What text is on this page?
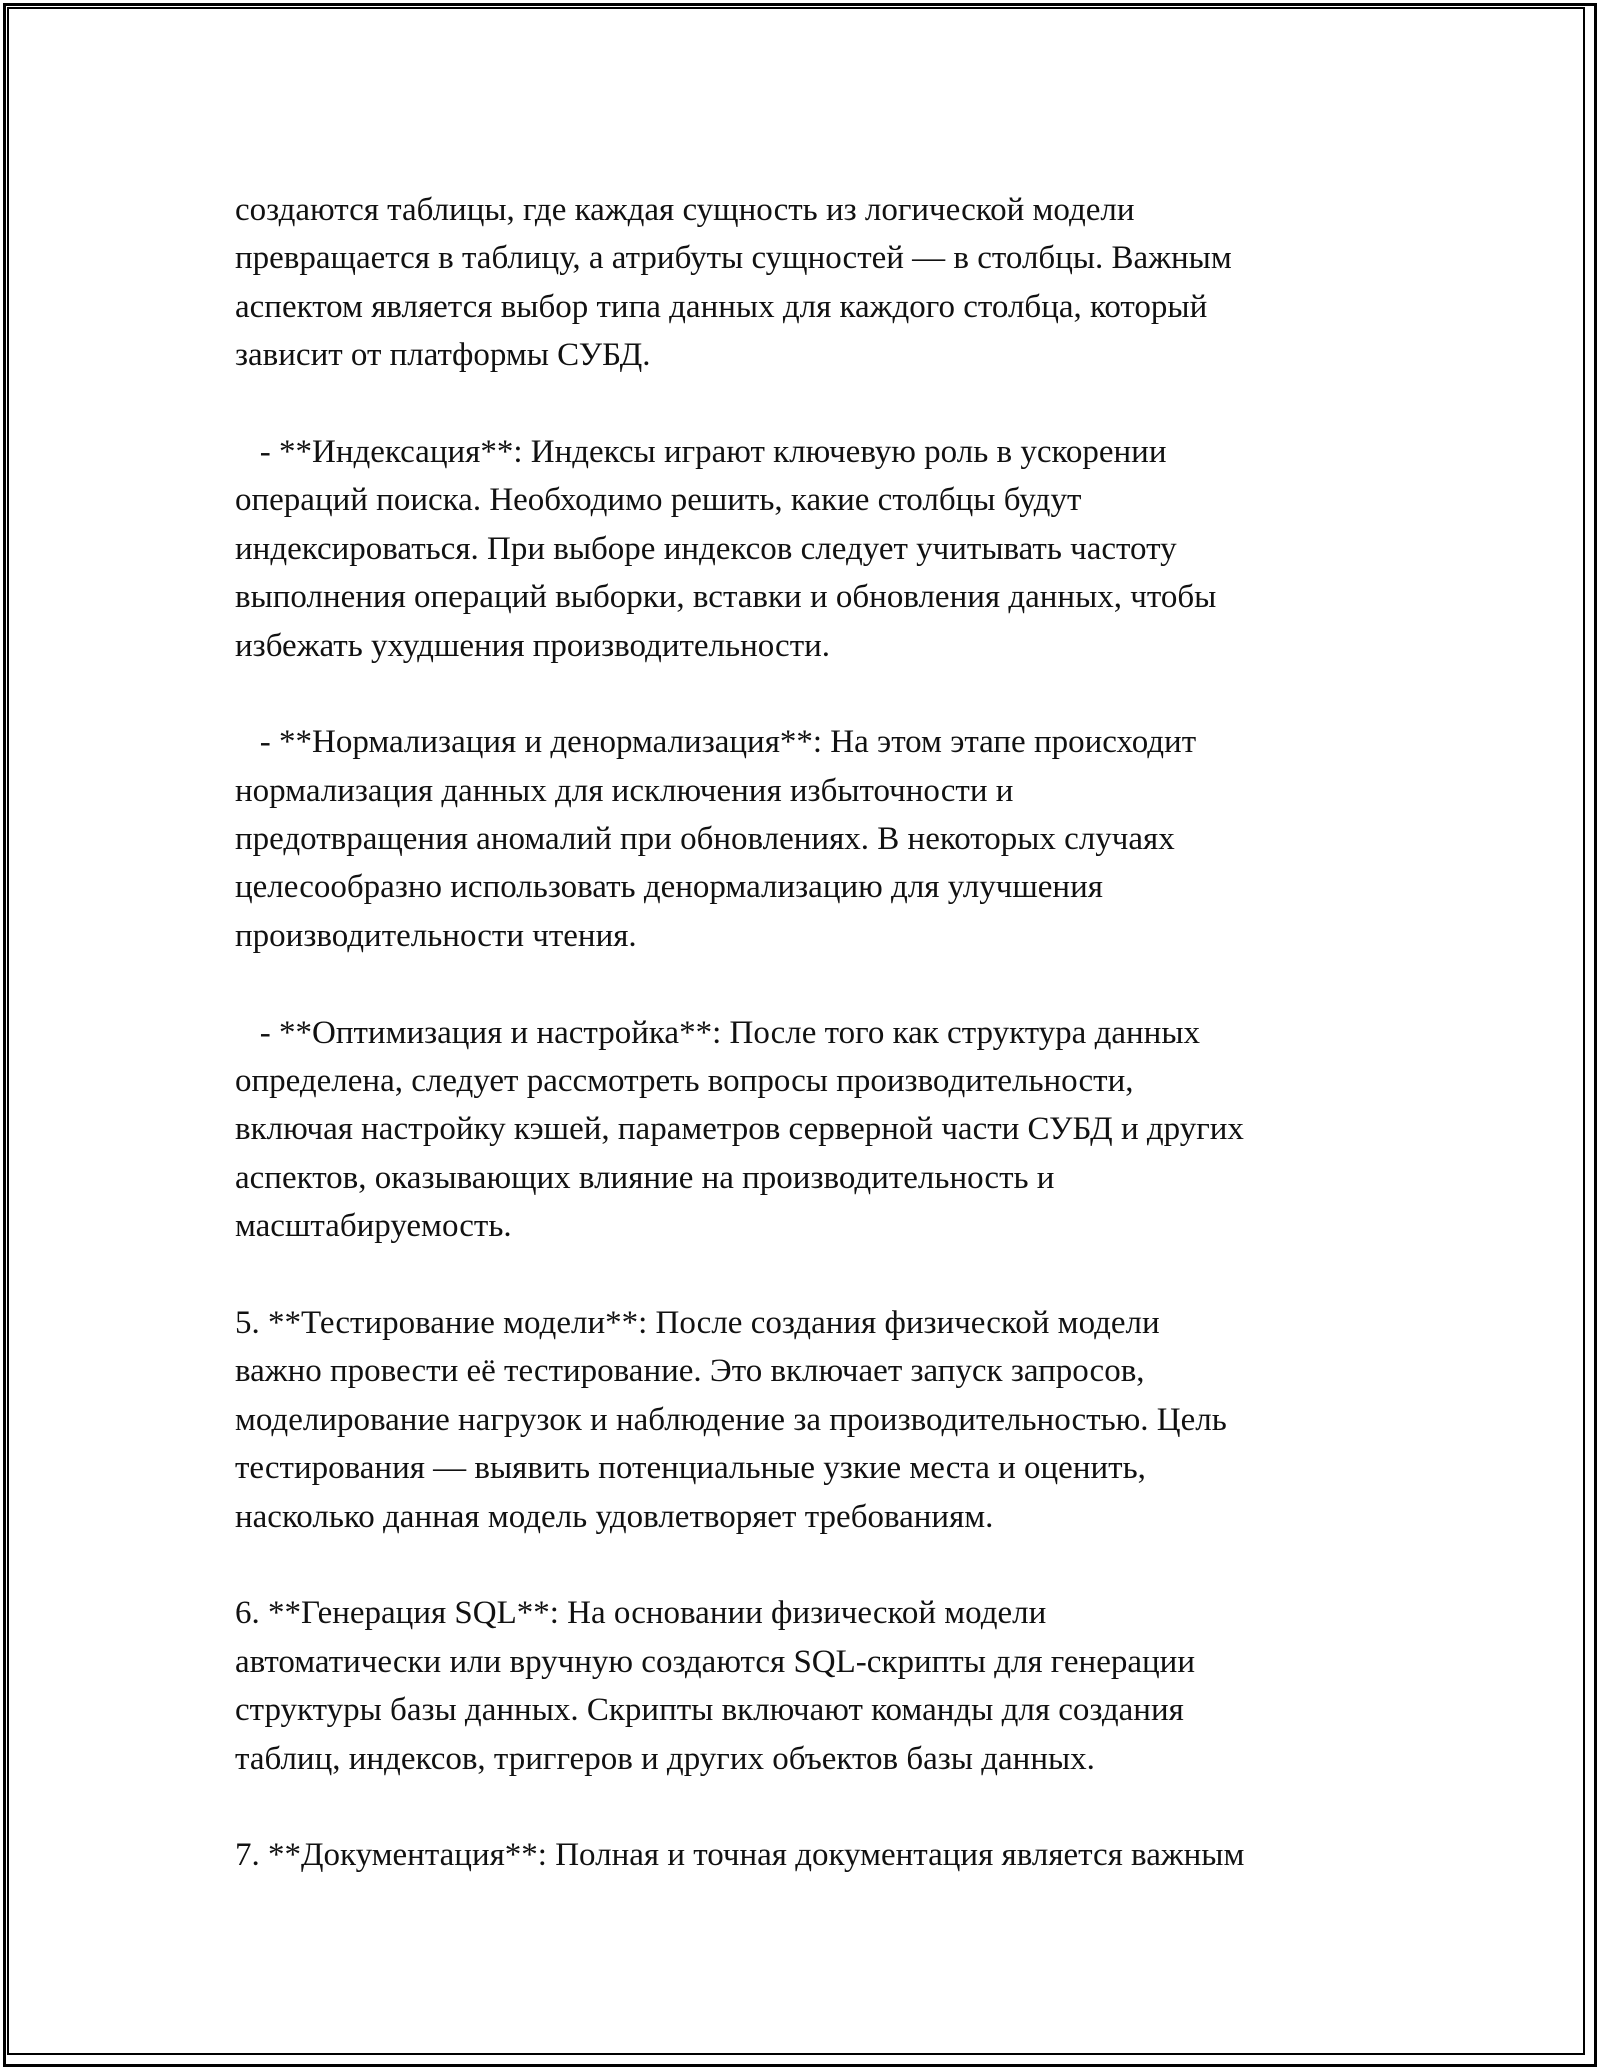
создаются таблицы, где каждая сущность из логической модели
превращается в таблицу, а атрибуты сущностей — в столбцы. Важным
аспектом является выбор типа данных для каждого столбца, который
зависит от платформы СУБД.
- **Индексация**: Индексы играют ключевую роль в ускорении
операций поиска. Необходимо решить, какие столбцы будут
индексироваться. При выборе индексов следует учитывать частоту
выполнения операций выборки, вставки и обновления данных, чтобы
избежать ухудшения производительности.
- **Нормализация и денормализация**: На этом этапе происходит
нормализация данных для исключения избыточности и
предотвращения аномалий при обновлениях. В некоторых случаях
целесообразно использовать денормализацию для улучшения
производительности чтения.
- **Оптимизация и настройка**: После того как структура данных
определена, следует рассмотреть вопросы производительности,
включая настройку кэшей, параметров серверной части СУБД и других
аспектов, оказывающих влияние на производительность и
масштабируемость.
5. **Тестирование модели**: После создания физической модели
важно провести её тестирование. Это включает запуск запросов,
моделирование нагрузок и наблюдение за производительностью. Цель
тестирования — выявить потенциальные узкие места и оценить,
насколько данная модель удовлетворяет требованиям.
6. **Генерация SQL**: На основании физической модели
автоматически или вручную создаются SQL-скрипты для генерации
структуры базы данных. Скрипты включают команды для создания
таблиц, индексов, триггеров и других объектов базы данных.
7. **Документация**: Полная и точная документация является важным
